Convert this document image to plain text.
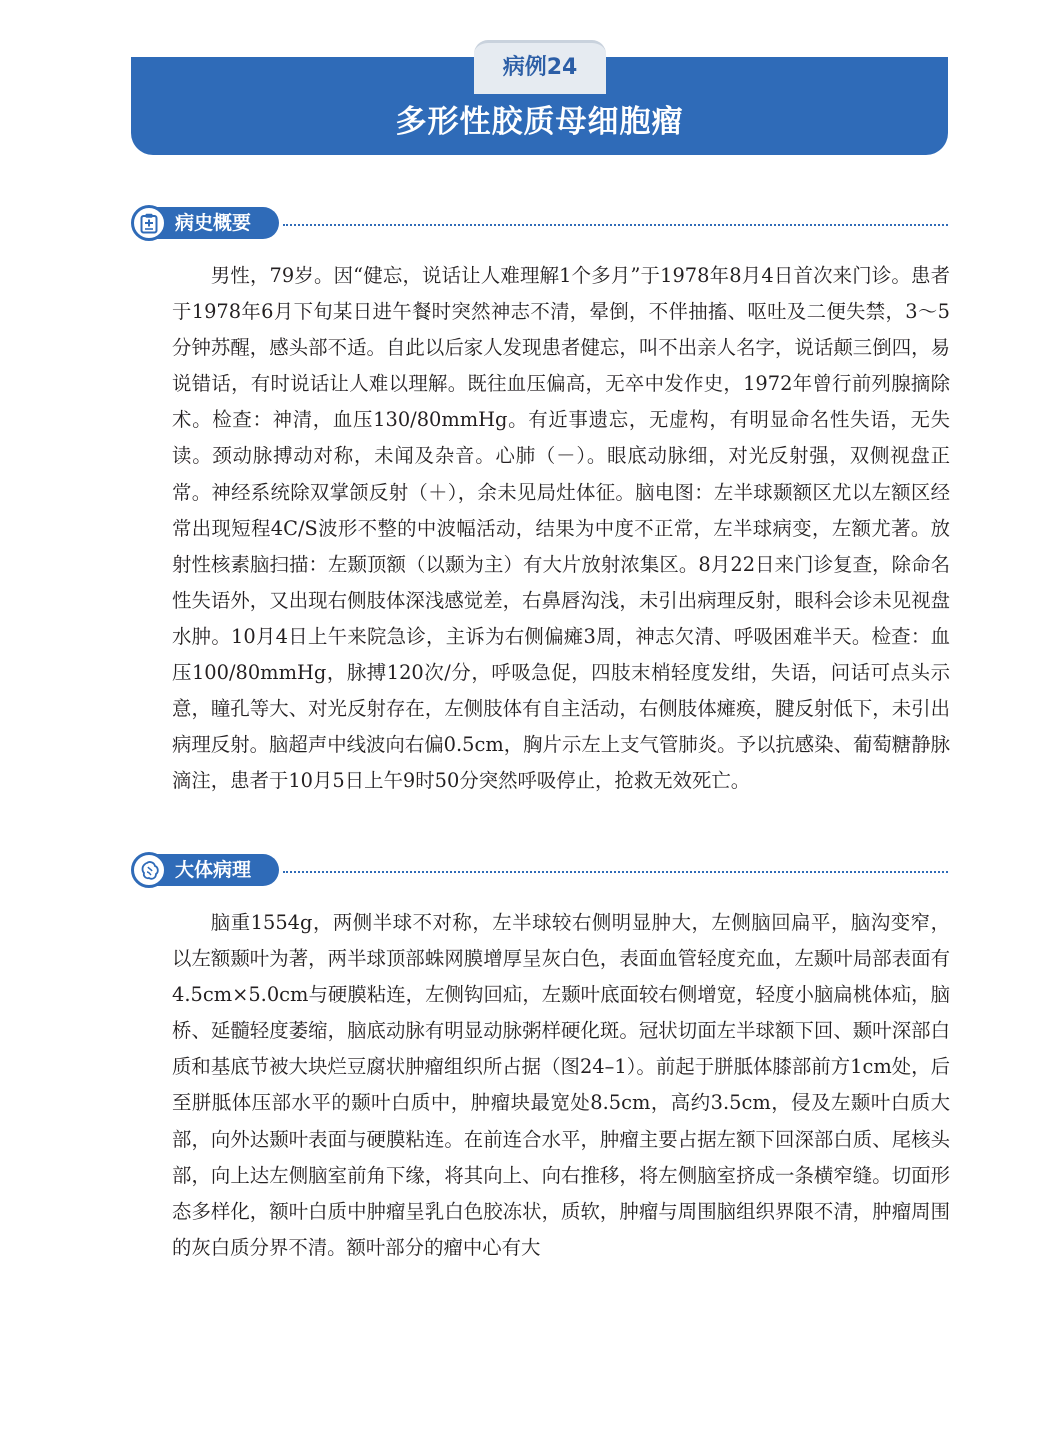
病例24
多形性胶质母细胞瘤
病史概要

男性，79岁。因“健忘，说话让人难理解1个多月”于1978年8月4日首次来门诊。患者于1978年6月下旬某日进午餐时突然神志不清，晕倒，不伴抽搐、呕吐及二便失禁，3～5分钟苏醒，感头部不适。自此以后家人发现患者健忘，叫不出亲人名字，说话颠三倒四，易说错话，有时说话让人难以理解。既往血压偏高，无卒中发作史，1972年曾行前列腺摘除术。检查：神清，血压130/80mmHg。有近事遗忘，无虚构，有明显命名性失语，无失读。颈动脉搏动对称，未闻及杂音。心肺（－）。眼底动脉细，对光反射强，双侧视盘正常。神经系统除双掌颌反射（＋），余未见局灶体征。脑电图：左半球颞额区尤以左额区经常出现短程4C/S波形不整的中波幅活动，结果为中度不正常，左半球病变，左额尤著。放射性核素脑扫描：左颞顶额（以颞为主）有大片放射浓集区。8月22日来门诊复查，除命名性失语外，又出现右侧肢体深浅感觉差，右鼻唇沟浅，未引出病理反射，眼科会诊未见视盘水肿。10月4日上午来院急诊，主诉为右侧偏瘫3周，神志欠清、呼吸困难半天。检查：血压100/80mmHg，脉搏120次/分，呼吸急促，四肢末梢轻度发绀，失语，问话可点头示意，瞳孔等大、对光反射存在，左侧肢体有自主活动，右侧肢体瘫痪，腱反射低下，未引出病理反射。脑超声中线波向右偏0.5cm，胸片示左上支气管肺炎。予以抗感染、葡萄糖静脉滴注，患者于10月5日上午9时50分突然呼吸停止，抢救无效死亡。

大体病理

脑重1554g，两侧半球不对称，左半球较右侧明显肿大，左侧脑回扁平，脑沟变窄，以左额颞叶为著，两半球顶部蛛网膜增厚呈灰白色，表面血管轻度充血，左颞叶局部表面有4.5cm×5.0cm与硬膜粘连，左侧钩回疝，左颞叶底面较右侧增宽，轻度小脑扁桃体疝，脑桥、延髓轻度萎缩，脑底动脉有明显动脉粥样硬化斑。冠状切面左半球额下回、颞叶深部白质和基底节被大块烂豆腐状肿瘤组织所占据（图24–1）。前起于胼胝体膝部前方1cm处，后至胼胝体压部水平的颞叶白质中，肿瘤块最宽处8.5cm，高约3.5cm，侵及左颞叶白质大部，向外达颞叶表面与硬膜粘连。在前连合水平，肿瘤主要占据左额下回深部白质、尾核头部，向上达左侧脑室前角下缘，将其向上、向右推移，将左侧脑室挤成一条横窄缝。切面形态多样化，额叶白质中肿瘤呈乳白色胶冻状，质软，肿瘤与周围脑组织界限不清，肿瘤周围的灰白质分界不清。额叶部分的瘤中心有大
